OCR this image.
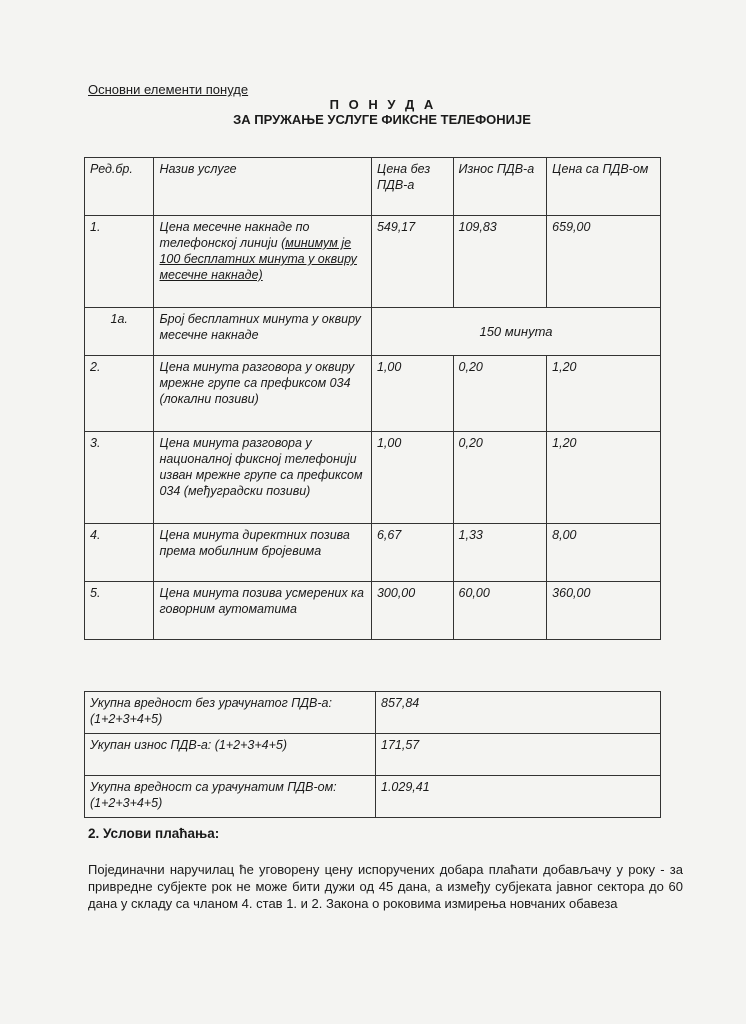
Основни елементи понуде
П О Н У Д А
ЗА ПРУЖАЊЕ УСЛУГЕ ФИКСНЕ ТЕЛЕФОНИЈЕ
Ред.бр.	Назив услуге	Цена без ПДВ-а	Износ ПДВ-а	Цена са ПДВ-ом
1.	Цена месечне накнаде по телефонској линији (минимум је 100 бесплатних минута у оквиру месечне накнаде)	549,17	109,83	659,00
1а.	Број бесплатних минута у оквиру месечне накнаде	150 минута		
2.	Цена минута разговора у оквиру мрежне групе са префиксом 034 (локални позиви)	1,00	0,20	1,20
3.	Цена минута разговора у националној фиксној телефонији изван мрежне групе са префиксом 034 (међуградски позиви)	1,00	0,20	1,20
4.	Цена минута директних позива према мобилним бројевима	6,67	1,33	8,00
5.	Цена минута позива усмерених ка говорним аутоматима	300,00	60,00	360,00
Укупна вредност без урачунатог ПДВ-а: (1+2+3+4+5)	857,84
Укупан износ ПДВ-а: (1+2+3+4+5)	171,57
Укупна вредност са урачунатим ПДВ-ом: (1+2+3+4+5)	1.029,41
2. Услови плаћања:
Појединачни наручилац ће уговорену цену испоручених добара плаћати добављачу у року - за привредне субјекте рок не може бити дужи од 45 дана, а између субјеката јавног сектора до 60 дана у складу са чланом 4. став 1. и 2. Закона о роковима измирења новчаних обавеза
